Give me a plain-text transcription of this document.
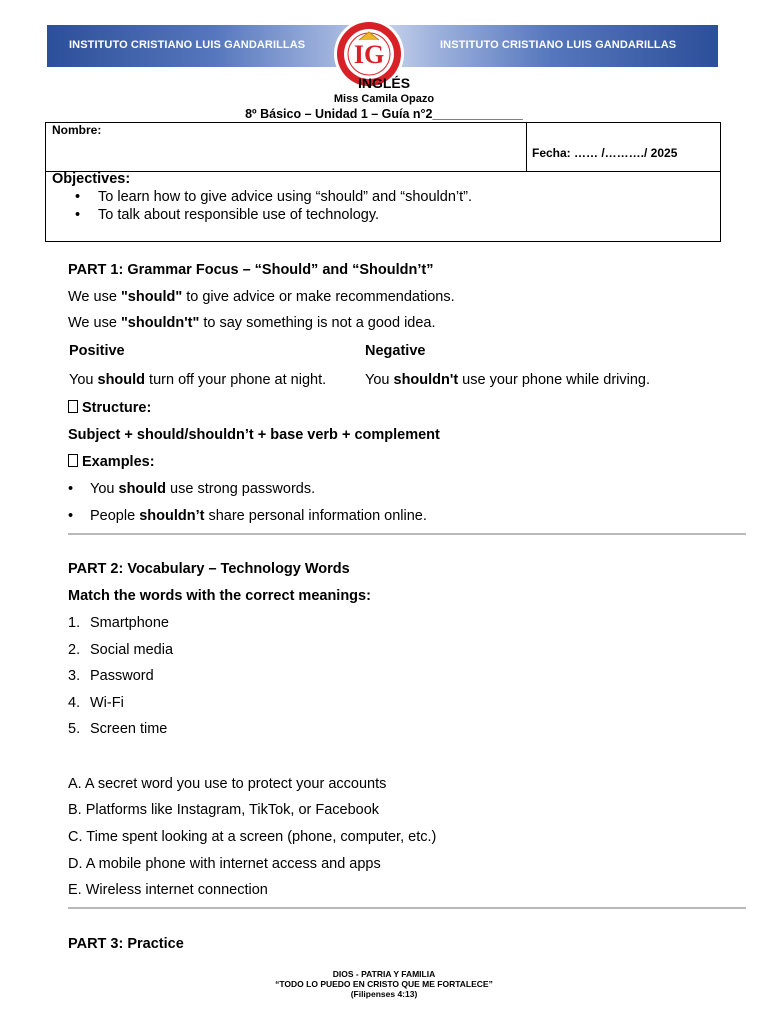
INSTITUTO CRISTIANO LUIS GANDARILLAS	INSTITUTO CRISTIANO LUIS GANDARILLAS
IG
INGLÉS
Miss Camila Opazo
8º Básico – Unidad 1 – Guía n°2_____________
Nombre:
Fecha: …… /………./ 2025
Objectives:
• To learn how to give advice using “should” and “shouldn’t”.
• To talk about responsible use of technology.
PART 1: Grammar Focus – “Should” and “Shouldn’t”
We use "should" to give advice or make recommendations.
We use "shouldn't" to say something is not a good idea.
Positive	Negative
You should turn off your phone at night.	You shouldn't use your phone while driving.
Structure:
Subject + should/shouldn’t + base verb + complement
Examples:
• You should use strong passwords.
• People shouldn’t share personal information online.
PART 2: Vocabulary – Technology Words
Match the words with the correct meanings:
1. Smartphone
2. Social media
3. Password
4. Wi-Fi
5. Screen time
A. A secret word you use to protect your accounts
B. Platforms like Instagram, TikTok, or Facebook
C. Time spent looking at a screen (phone, computer, etc.)
D. A mobile phone with internet access and apps
E. Wireless internet connection
PART 3: Practice
DIOS - PATRIA Y FAMILIA
“TODO LO PUEDO EN CRISTO QUE ME FORTALECE”
(Filipenses 4:13)
